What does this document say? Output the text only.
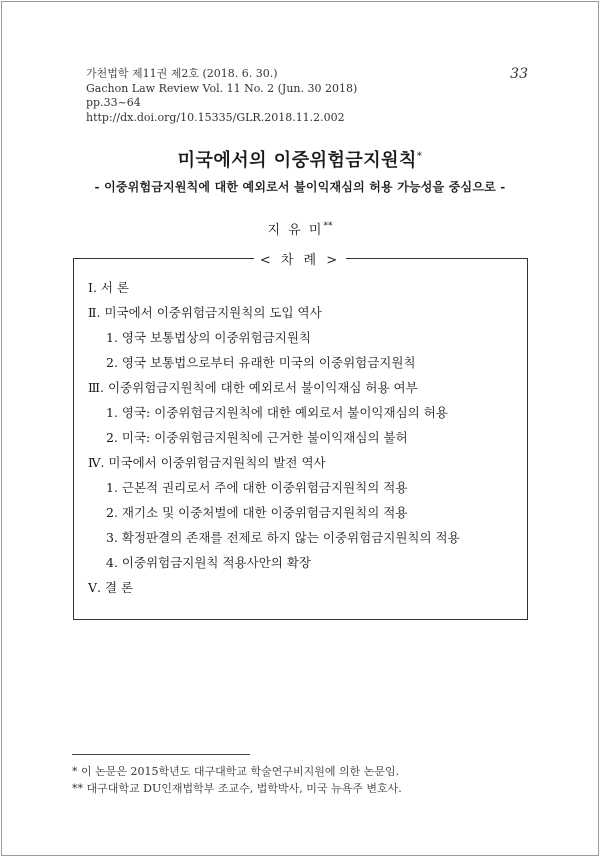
가천법학 제11권 제2호 (2018. 6. 30.)
Gachon Law Review Vol. 11 No. 2 (Jun. 30 2018)
pp.33~64
http://dx.doi.org/10.15335/GLR.2018.11.2.002
33
미국에서의 이중위험금지원칙*
- 이중위험금지원칙에 대한 예외로서 불이익재심의 허용 가능성을 중심으로 -
지 유 미**
< 차 례 >
Ⅰ. 서 론
Ⅱ. 미국에서 이중위험금지원칙의 도입 역사
1. 영국 보통법상의 이중위험금지원칙
2. 영국 보통법으로부터 유래한 미국의 이중위험금지원칙
Ⅲ. 이중위험금지원칙에 대한 예외로서 불이익재심 허용 여부
1. 영국: 이중위험금지원칙에 대한 예외로서 불이익재심의 허용
2. 미국: 이중위험금지원칙에 근거한 불이익재심의 불허
Ⅳ. 미국에서 이중위험금지원칙의 발전 역사
1. 근본적 권리로서 주에 대한 이중위험금지원칙의 적용
2. 재기소 및 이중처벌에 대한 이중위험금지원칙의 적용
3. 확정판결의 존재를 전제로 하지 않는 이중위험금지원칙의 적용
4. 이중위험금지원칙 적용사안의 확장
Ⅴ. 결 론
* 이 논문은 2015학년도 대구대학교 학술연구비지원에 의한 논문임.
** 대구대학교 DU인재법학부 조교수, 법학박사, 미국 뉴욕주 변호사.
